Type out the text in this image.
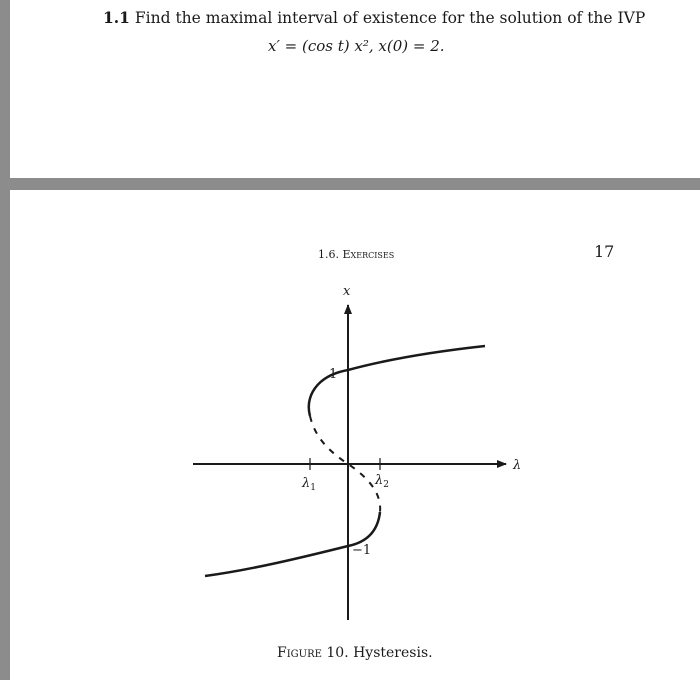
1.1 Find the maximal interval of existence for the solution of the IVP
x′ = (cos t) x², x(0) = 2.
1.6. Exercises	17
x
λ
1
−1
$\lambda_1$	$\lambda_2$
Figure 10. Hysteresis.
